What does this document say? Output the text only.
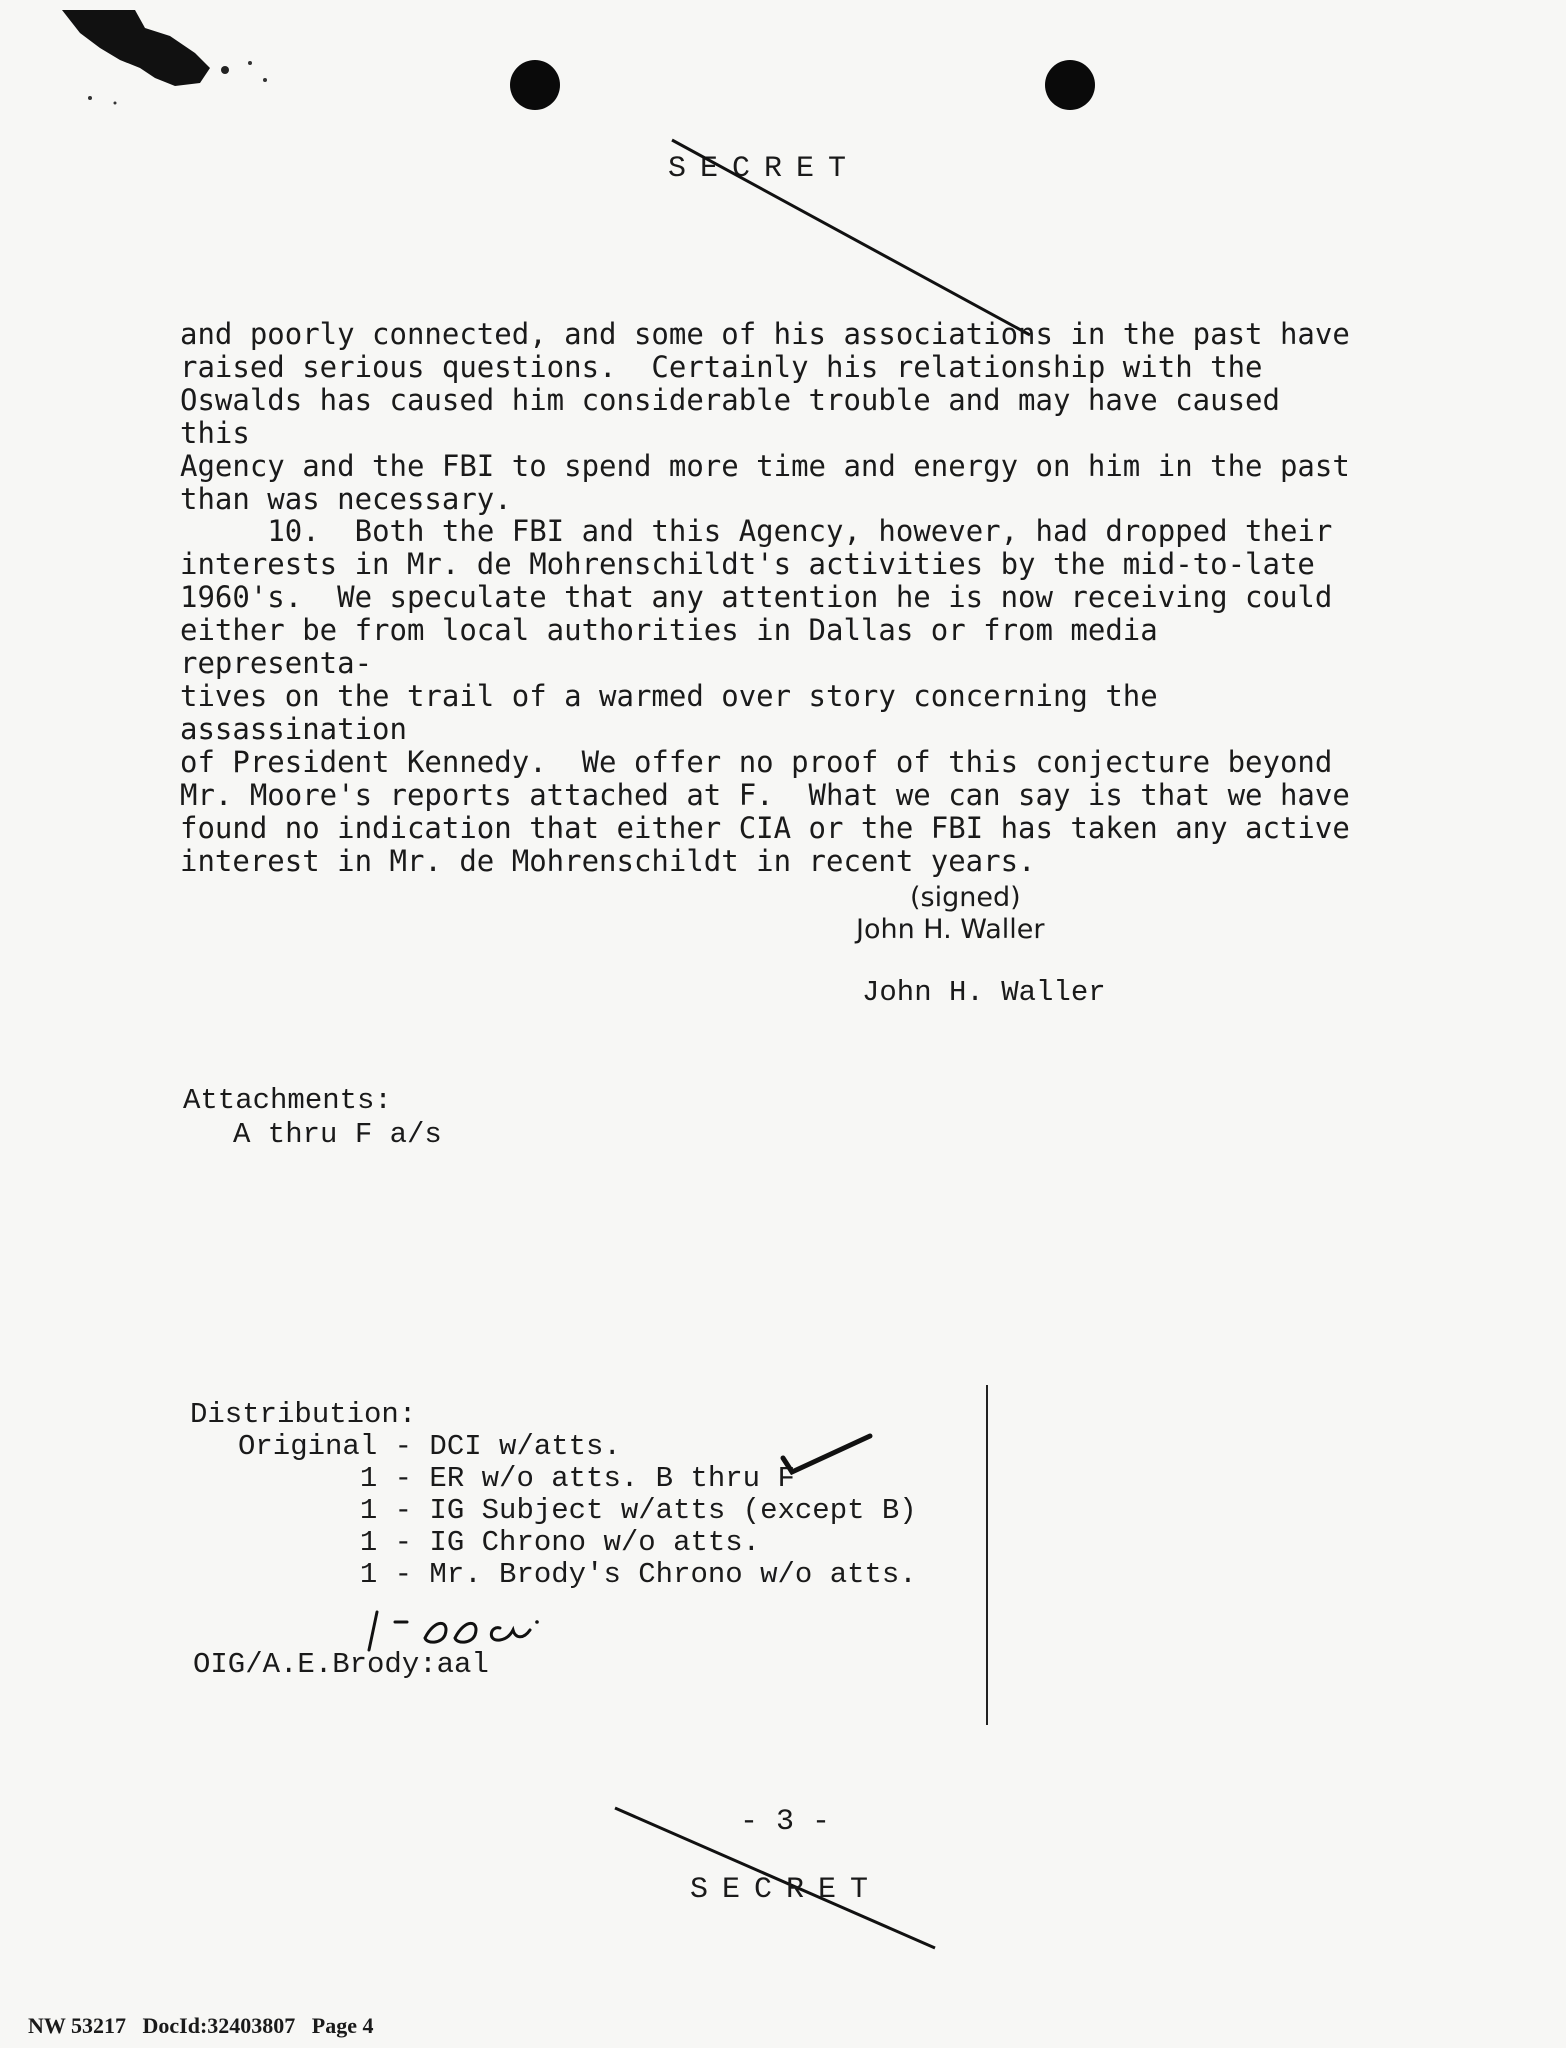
SECRET
and poorly connected, and some of his associations in the past have
raised serious questions.  Certainly his relationship with the
Oswalds has caused him considerable trouble and may have caused this
Agency and the FBI to spend more time and energy on him in the past
than was necessary.
10.  Both the FBI and this Agency, however, had dropped their
interests in Mr. de Mohrenschildt's activities by the mid-to-late
1960's.  We speculate that any attention he is now receiving could
either be from local authorities in Dallas or from media representa-
tives on the trail of a warmed over story concerning the assassination
of President Kennedy.  We offer no proof of this conjecture beyond
Mr. Moore's reports attached at F.  What we can say is that we have
found no indication that either CIA or the FBI has taken any active
interest in Mr. de Mohrenschildt in recent years.
(signed)
John H. Waller
John H. Waller
Attachments:
A thru F a/s
Distribution:
Original - DCI w/atts.
1 - ER w/o atts. B thru F
1 - IG Subject w/atts (except B)
1 - IG Chrono w/o atts.
1 - Mr. Brody's Chrono w/o atts.
OIG/A.E.Brody:aal
- 3 -
SECRET
NW 53217 DocId:32403807 Page 4
